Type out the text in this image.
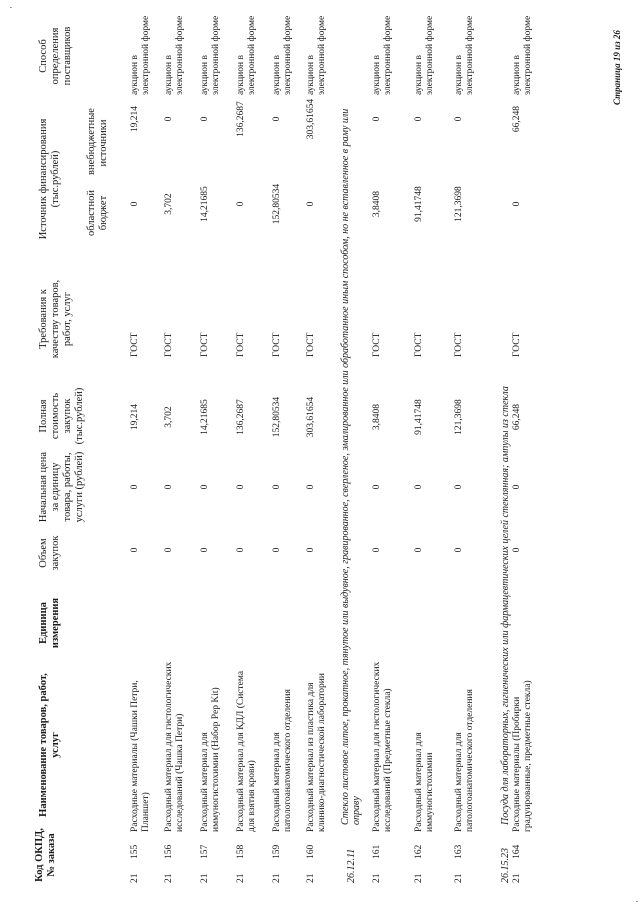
Код ОКПД, № заказа
Наименование товаров, работ, услуг
Единица измерения
Объем закупок
Начальная цена за единицу товара, работы, услуги (рублей)
Полная стоимость закупок (тыс.рублей)
Требования к качеству товаров, работ, услуг
Источник финансирования (тыс.рублей)
областной бюджет
внебюджетные источники
Способ определения поставщиков
21
155
Расходные материалы (Чашки Петри, Планшет)
0
0
19,214
ГОСТ
0
19,214
аукцион в электронной форме
21
156
Расходный материал для гистологических исследований (Чашка Петри)
0
0
3,702
ГОСТ
3,702
0
аукцион в электронной форме
21
157
Расходный материал для иммуногистохимии (Набор Pep Kit)
0
0
14,21685
ГОСТ
14,21685
0
аукцион в электронной форме
21
158
Расходный материал для КДЛ (Система для взятия крови)
0
0
136,2687
ГОСТ
0
136,2687
аукцион в электронной форме
21
159
Расходный материал для патологоанатомического отделения
0
0
152,80534
ГОСТ
152,80534
0
аукцион в электронной форме
21
160
Расходный материал из пластика для клинико-диагностической лаборатории
0
0
303,61654
ГОСТ
0
303,61654
аукцион в электронной форме
26.12.11
Стекло листовое литое, прокатное, тянутое или выдувное, гравированное, сверленое, эмалированное или обработанное иным способом, но не вставленное в раму или оправу
21
161
Расходный материал для гистологических исследований (Предметные стекла)
0
0
3,8408
ГОСТ
3,8408
0
аукцион в электронной форме
21
162
Расходный материал для иммуногистохимии
0
0
91,41748
ГОСТ
91,41748
0
аукцион в электронной форме
21
163
Расходный материал для патологоанатомического отделения
0
0
121,3698
ГОСТ
121,3698
0
аукцион в электронной форме
26.15.23
Посуда для лабораторных, гигиенических или фармацевтических целей стеклянная; ампулы из стекла
21
164
Расходные материалы (Пробирки градуированные, предметные стекла)
0
0
66,248
ГОСТ
0
66,248
аукцион в электронной форме	Страница 19 из 26
·
·
